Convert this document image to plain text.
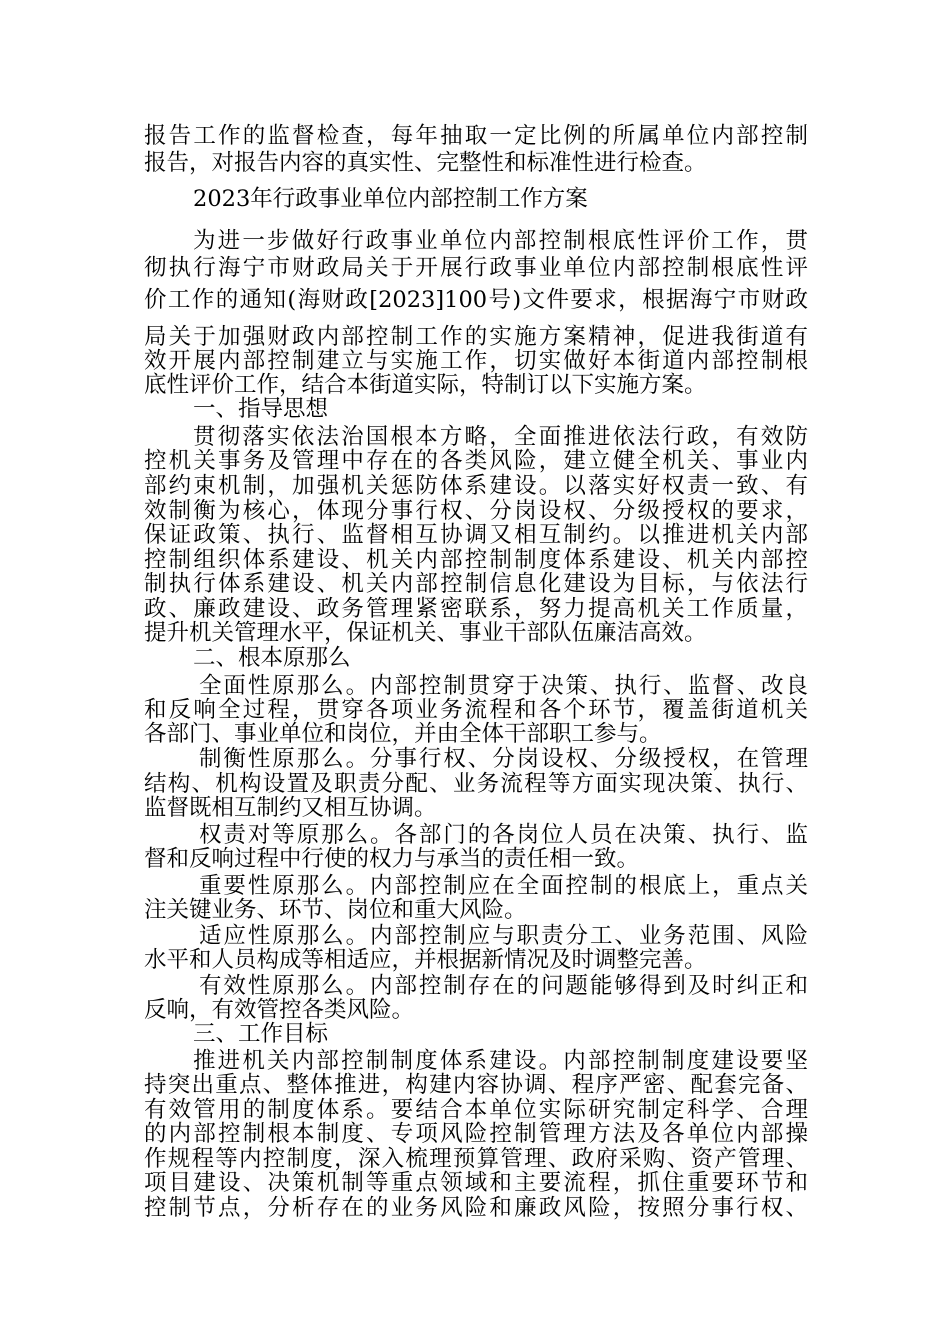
报告工作的监督检查，每年抽取一定比例的所属单位内部控制
报告，对报告内容的真实性、完整性和标准性进行检查。
2023年行政事业单位内部控制工作方案
为进一步做好行政事业单位内部控制根底性评价工作，贯
彻执行海宁市财政局关于开展行政事业单位内部控制根底性评
价工作的通知(海财政[2023]100号)文件要求，根据海宁市财政
局关于加强财政内部控制工作的实施方案精神，促进我街道有
效开展内部控制建立与实施工作，切实做好本街道内部控制根
底性评价工作，结合本街道实际，特制订以下实施方案。
一、指导思想
贯彻落实依法治国根本方略，全面推进依法行政，有效防
控机关事务及管理中存在的各类风险，建立健全机关、事业内
部约束机制，加强机关惩防体系建设。以落实好权责一致、有
效制衡为核心，体现分事行权、分岗设权、分级授权的要求，
保证政策、执行、监督相互协调又相互制约。以推进机关内部
控制组织体系建设、机关内部控制制度体系建设、机关内部控
制执行体系建设、机关内部控制信息化建设为目标，与依法行
政、廉政建设、政务管理紧密联系，努力提高机关工作质量，
提升机关管理水平，保证机关、事业干部队伍廉洁高效。
二、根本原那么
全面性原那么。内部控制贯穿于决策、执行、监督、改良
和反响全过程，贯穿各项业务流程和各个环节，覆盖街道机关
各部门、事业单位和岗位，并由全体干部职工参与。
制衡性原那么。分事行权、分岗设权、分级授权，在管理
结构、机构设置及职责分配、业务流程等方面实现决策、执行、
监督既相互制约又相互协调。
权责对等原那么。各部门的各岗位人员在决策、执行、监
督和反响过程中行使的权力与承当的责任相一致。
重要性原那么。内部控制应在全面控制的根底上，重点关
注关键业务、环节、岗位和重大风险。
适应性原那么。内部控制应与职责分工、业务范围、风险
水平和人员构成等相适应，并根据新情况及时调整完善。
有效性原那么。内部控制存在的问题能够得到及时纠正和
反响，有效管控各类风险。
三、工作目标
推进机关内部控制制度体系建设。内部控制制度建设要坚
持突出重点、整体推进，构建内容协调、程序严密、配套完备、
有效管用的制度体系。要结合本单位实际研究制定科学、合理
的内部控制根本制度、专项风险控制管理方法及各单位内部操
作规程等内控制度，深入梳理预算管理、政府采购、资产管理、
项目建设、决策机制等重点领域和主要流程，抓住重要环节和
控制节点，分析存在的业务风险和廉政风险，按照分事行权、
